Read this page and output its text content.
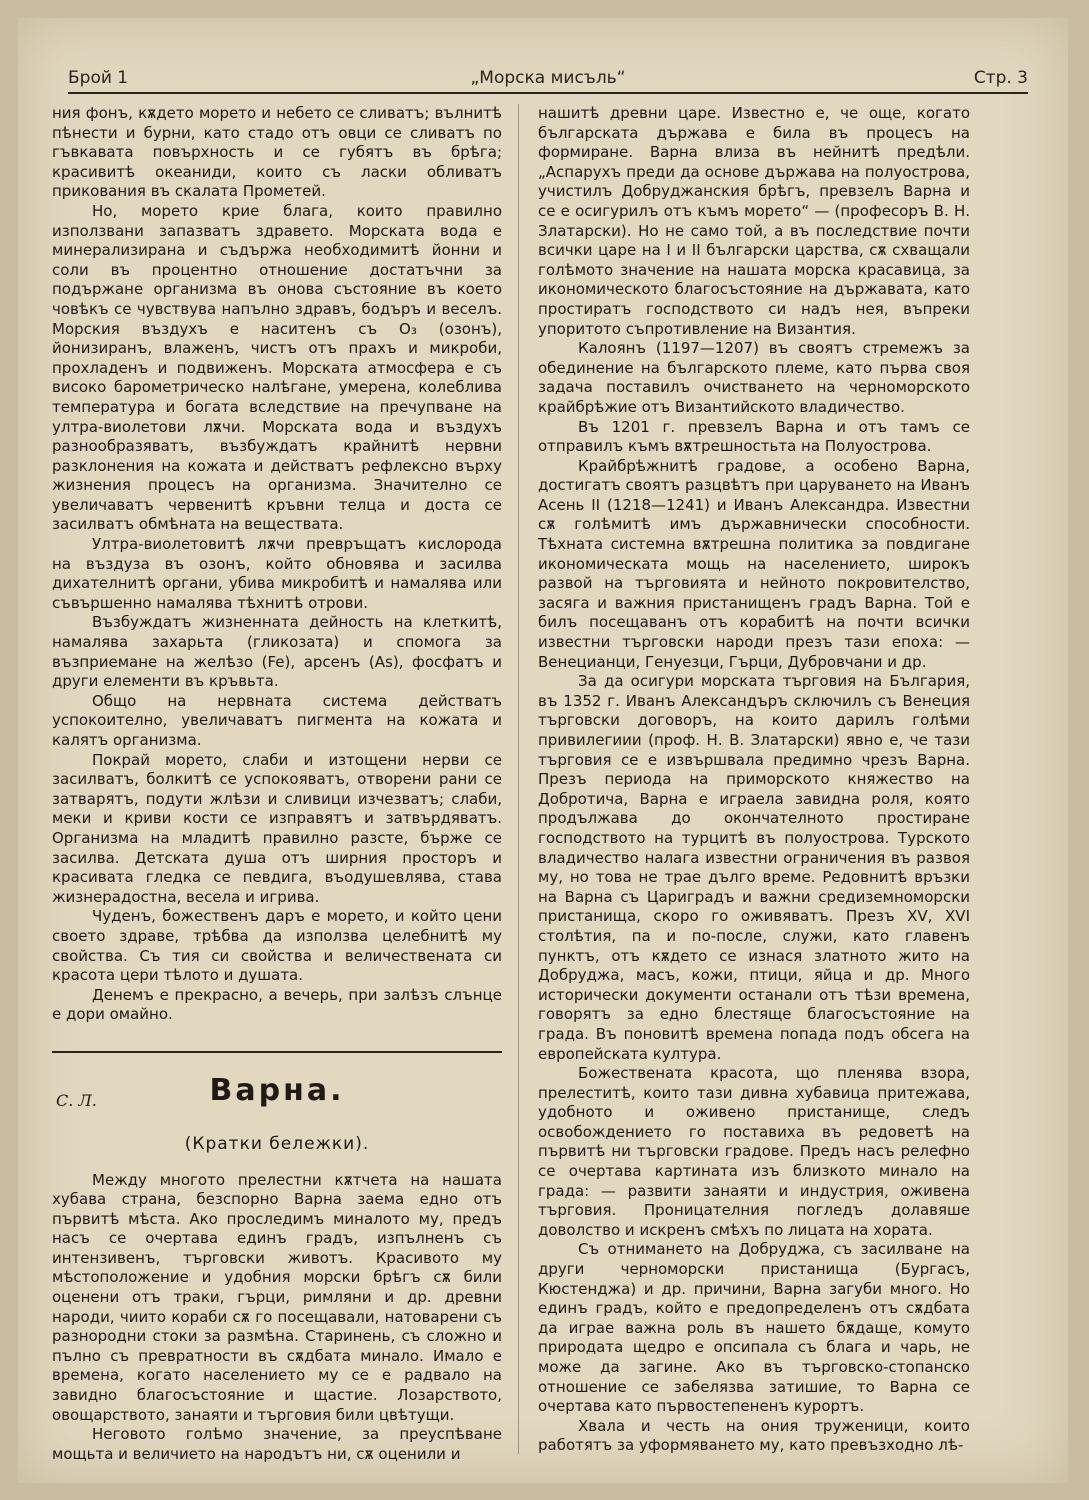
Брой 1	„Морска мисъль“	Стр. 3

ния фонъ, кѫдето морето и небето се сливатъ; вълнитѣ пѣнести и бурни, като стадо отъ овци се сливатъ по гъвкавата повърхность и се губятъ въ брѣга; красивитѣ океаниди, които съ ласки обливатъ прикования въ скалата Прометей.

Но, морето крие блага, които правилно използвани запазватъ здравето. Морската вода е минерализирана и съдържа необходимитѣ йонни и соли въ процентно отношение достатъчни за подържане организма въ онова състояние въ което човѣкъ се чувствува напълно здравъ, бодъръ и веселъ. Морския въздухъ е наситенъ съ О₃ (озонъ), йонизиранъ, влаженъ, чистъ отъ прахъ и микроби, прохладенъ и подвиженъ. Морската атмосфера е съ високо барометрическо налѣгане, умерена, колеблива температура и богата вследствие на пречупване на ултра-виолетови лѫчи. Морската вода и въздухъ разнообразяватъ, възбуждатъ крайнитѣ нервни разклонения на кожата и действатъ рефлексно върху жизнения процесъ на организма. Значително се увеличаватъ червенитѣ кръвни телца и доста се засилватъ обмѣната на веществата.

Ултра-виолетовитѣ лѫчи превръщатъ кислорода на въздуза въ озонъ, който обновява и засилва дихателнитѣ органи, убива микробитѣ и намалява или съвършенно намалява тѣхнитѣ отрови.

Възбуждатъ жизненната дейность на клеткитѣ, намалява захарьта (гликозата) и спомога за възприемане на желѣзо (Fe), арсенъ (As), фосфатъ и други елементи въ кръвьта.

Общо на нервната система действатъ успокоително, увеличаватъ пигмента на кожата и калятъ организма.

Покрай морето, слаби и изтощени нерви се засилватъ, болкитѣ се успокояватъ, отворени рани се затварятъ, подути жлѣзи и сливици изчезватъ; слаби, меки и криви кости се изправятъ и затвърдяватъ. Организма на младитѣ правилно разсте, бърже се засилва. Детската душа отъ ширния просторъ и красивата гледка се певдига, въодушевлява, става жизнерадостна, весела и игрива.

Чуденъ, божественъ даръ е морето, и който цени своето здраве, трѣбва да използва целебнитѣ му свойства. Съ тия си свойства и величествената си красота цери тѣлото и душата.

Денемъ е прекрасно, а вечерь, при залѣзъ слънце е дори омайно.

С. Л.	Варна.
(Кратки бележки).

Между многото прелестни кѫтчета на нашата хубава страна, безспорно Варна заема едно отъ първитѣ мѣста. Ако проследимъ миналото му, предъ насъ се очертава единъ градъ, изпълненъ съ интензивенъ, търговски животъ. Красивото му мѣстоположение и удобния морски брѣгъ сѫ били оценени отъ траки, гърци, римляни и др. древни народи, чиито кораби сѫ го посещавали, натоварени съ разнородни стоки за размѣна. Старинень, съ сложно и пълно съ превратности въ сѫдбата минало. Имало е времена, когато населението му се е радвало на завидно благосъстояние и щастие. Лозарството, овощарството, занаяти и търговия били цвѣтущи.

Неговото голѣмо значение, за преуспѣване мощьта и величието на народътъ ни, сѫ оценили и

нашитѣ древни царе. Известно е, че още, когато българската държава е била въ процесъ на формиране. Варна влиза въ нейнитѣ предѣли. „Аспарухъ преди да основе държава на полуострова, учистилъ Добруджанския брѣгъ, превзелъ Варна и се е осигурилъ отъ къмъ морето“ — (професоръ В. Н. Златарски). Но не само той, а въ последствие почти всички царе на I и II български царства, сѫ схващали голѣмото значение на нашата морска красавица, за икономическото благосъстояние на държавата, като простиратъ господството си надъ нея, въпреки упоритото съпротивление на Византия.

Калоянъ (1197—1207) въ своятъ стремежъ за обединение на българското племе, като първа своя задача поставилъ очистването на черноморското крайбрѣжие отъ Византийското владичество.

Въ 1201 г. превзелъ Варна и отъ тамъ се отправилъ къмъ вѫтрешностьта на Полуострова.

Крайбрѣжнитѣ градове, а особено Варна, достигатъ своятъ разцвѣтъ при царуването на Иванъ Асень II (1218—1241) и Иванъ Александра. Известни сѫ голѣмитѣ имъ държавнически способности. Тѣхната системна вѫтрешна политика за повдигане икономическата мощь на населението, широкъ развой на търговията и нейното покровителство, засяга и важния пристанищенъ градъ Варна. Той е билъ посещаванъ отъ корабитѣ на почти всички известни търговски народи презъ тази епоха: — Венецианци, Генуезци, Гърци, Дубровчани и др.

За да осигури морската търговия на България, въ 1352 г. Иванъ Александъръ сключилъ съ Венеция търговски договоръ, на които дарилъ голѣми привилегиии (проф. Н. В. Златарски) явно е, че тази търговия се е извършвала предимно чрезъ Варна. Презъ периода на приморското княжество на Добротича, Варна е играела завидна роля, която продължава до окончателното простиране господството на турцитѣ въ полуострова. Турското владичество налага известни ограничения въ развоя му, но това не трае дълго време. Редовнитѣ връзки на Варна съ Цариградъ и важни средиземноморски пристанища, скоро го оживяватъ. Презъ XV, XVI столѣтия, па и по-после, служи, като главенъ пунктъ, отъ кѫдето се изнася златното жито на Добруджа, масъ, кожи, птици, яйца и др. Много исторически документи останали отъ тѣзи времена, говорятъ за едно блестяще благосъстояние на града. Въ поновитѣ времена попада подъ обсега на европейската култура.

Божествената красота, що пленява взора, прелеститѣ, които тази дивна хубавица притежава, удобното и оживено пристанище, следъ освобождението го поставиха въ редоветѣ на първитѣ ни търговски градове. Предъ насъ релефно се очертава картината изъ близкото минало на града: — развити занаяти и индустрия, оживена търговия. Проницателния погледъ долавяше доволство и искренъ смѣхъ по лицата на хората.

Съ отнимането на Добруджа, съ засилване на други черноморски пристанища (Бургасъ, Кюстенджа) и др. причини, Варна загуби много. Но единъ градъ, който е предопределенъ отъ сѫдбата да играе важна роль въ нашето бѫдаще, комуто природата щедро е опсипала съ блага и чарь, не може да загине. Ако въ търговско-стопанско отношение се забелязва затишие, то Варна се очертава като първостепененъ курортъ.

Хвала и честь на ония труженици, които работятъ за уформяването му, като превъзходно лѣ-
